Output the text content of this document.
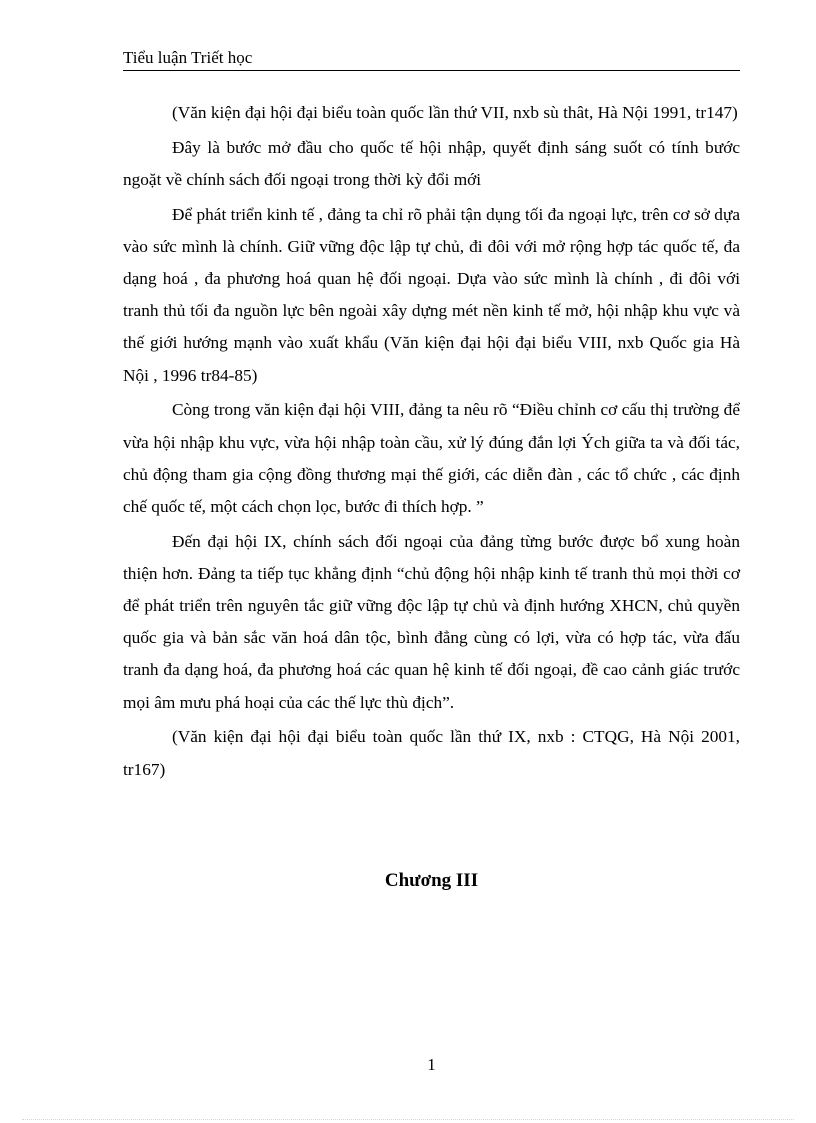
Tiểu luận Triết học

(Văn kiện đại hội đại biểu toàn quốc lần thứ VII, nxb sù thât, Hà Nội 1991, tr147)

Đây là bước mở đầu cho quốc tế hội nhập, quyết định sáng suốt có tính bước ngoặt về chính sách đối ngoại trong thời kỳ đổi mới

Để phát triển kinh tế , đảng ta chỉ rõ phải tận dụng tối đa ngoại lực, trên cơ sở dựa vào sức mình là chính. Giữ vững độc lập tự chủ, đi đôi với mở rộng hợp tác quốc tế, đa dạng hoá , đa phương hoá quan hệ đối ngoại. Dựa vào sức mình là chính , đi đôi với tranh thủ tối đa nguồn lực bên ngoài xây dựng mét nền kinh tế mở, hội nhập khu vực và thế giới hướng mạnh vào xuất khẩu (Văn kiện đại hội đại biểu VIII, nxb Quốc gia Hà Nội , 1996 tr84-85)

Còng trong văn kiện đại hội VIII, đảng ta nêu rõ “Điều chỉnh cơ cấu thị trường để vừa hội nhập khu vực, vừa hội nhập toàn cầu, xử lý đúng đắn lợi Ých giữa ta và đối tác, chủ động tham gia cộng đồng thương mại thế giới, các diễn đàn , các tổ chức , các định chế quốc tế, một cách chọn lọc, bước đi thích hợp. ”

Đến đại hội IX, chính sách đối ngoại của đảng từng bước được bổ xung hoàn thiện hơn. Đảng ta tiếp tục khẳng định “chủ động hội nhập kinh tế tranh thủ mọi thời cơ để phát triển trên nguyên tắc giữ vững độc lập tự chủ và định hướng XHCN, chủ quyền quốc gia và bản sắc văn hoá dân tộc, bình đẳng cùng có lợi, vừa có hợp tác, vừa đấu tranh đa dạng hoá, đa phương hoá các quan hệ kinh tế đối ngoại, đề cao cảnh giác trước mọi âm mưu phá hoại của các thế lực thù địch”.

(Văn kiện đại hội đại biểu toàn quốc lần thứ IX, nxb : CTQG, Hà Nội 2001, tr167)

Chương III
1
